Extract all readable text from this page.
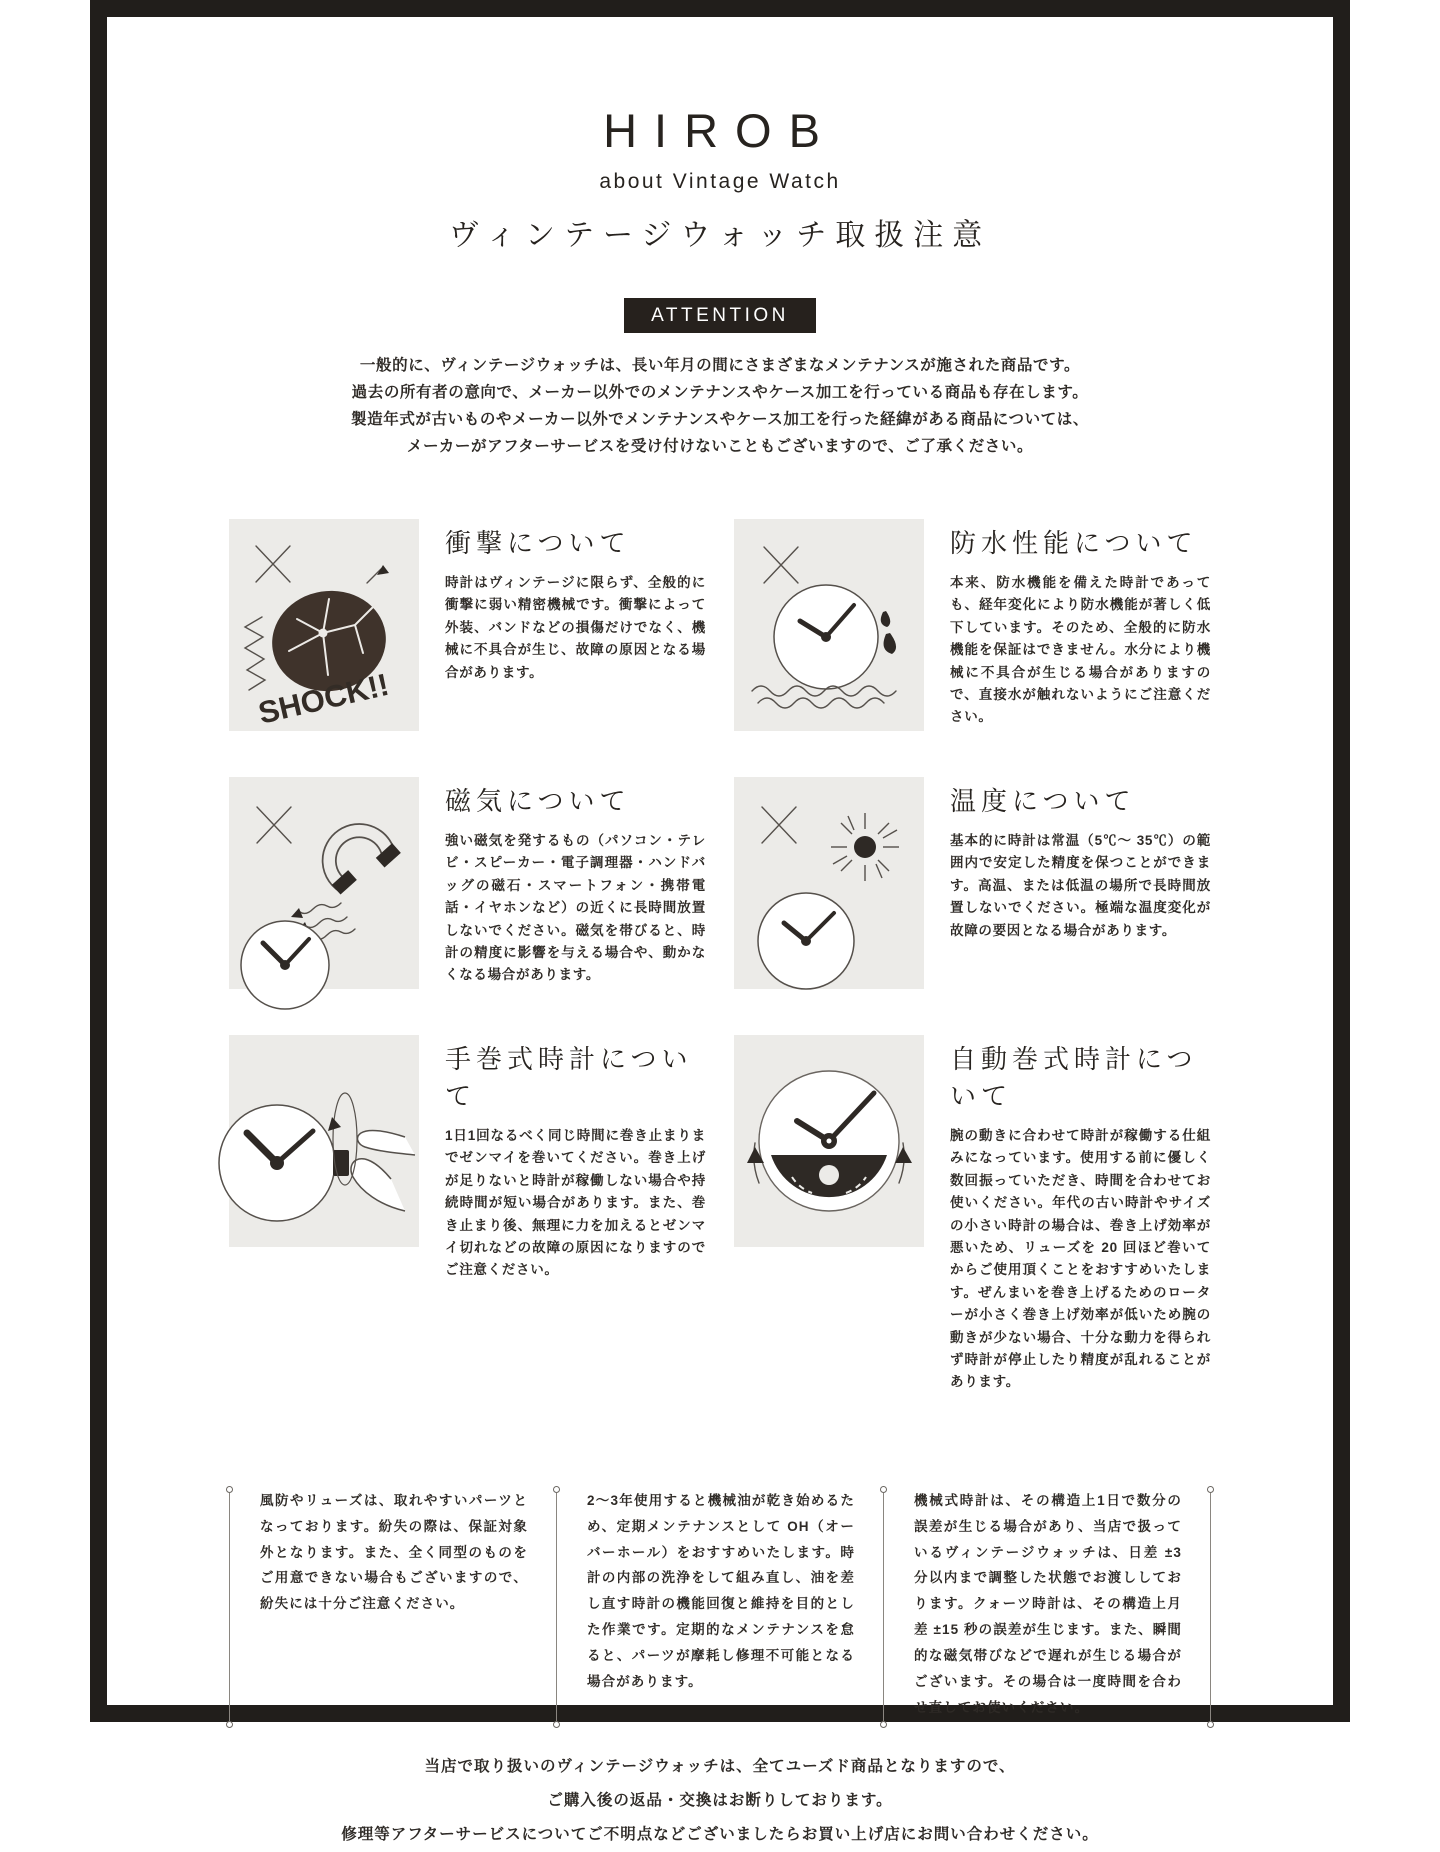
HIROB
about Vintage Watch
ヴィンテージウォッチ取扱注意
ATTENTION
一般的に、ヴィンテージウォッチは、長い年月の間にさまざまなメンテナンスが施された商品です。
過去の所有者の意向で、メーカー以外でのメンテナンスやケース加工を行っている商品も存在します。
製造年式が古いものやメーカー以外でメンテナンスやケース加工を行った経緯がある商品については、
メーカーがアフターサービスを受け付けないこともございますので、ご了承ください。
SHOCK!!
衝撃について
時計はヴィンテージに限らず、全般的に衝撃に弱い精密機械です。衝撃によって外装、バンドなどの損傷だけでなく、機械に不具合が生じ、故障の原因となる場合があります。
防水性能について
本来、防水機能を備えた時計であっても、経年変化により防水機能が著しく低下しています。そのため、全般的に防水機能を保証はできません。水分により機械に不具合が生じる場合がありますので、直接水が触れないようにご注意ください。
磁気について
強い磁気を発するもの（パソコン・テレビ・スピーカー・電子調理器・ハンドバッグの磁石・スマートフォン・携帯電話・イヤホンなど）の近くに長時間放置しないでください。磁気を帯びると、時計の精度に影響を与える場合や、動かなくなる場合があります。
温度について
基本的に時計は常温（5℃〜 35℃）の範囲内で安定した精度を保つことができます。高温、または低温の場所で長時間放置しないでください。極端な温度変化が故障の要因となる場合があります。
手巻式時計について
1日1回なるべく同じ時間に巻き止まりまでゼンマイを巻いてください。巻き上げが足りないと時計が稼働しない場合や持続時間が短い場合があります。また、巻き止まり後、無理に力を加えるとゼンマイ切れなどの故障の原因になりますのでご注意ください。
自動巻式時計について
腕の動きに合わせて時計が稼働する仕組みになっています。使用する前に優しく数回振っていただき、時間を合わせてお使いください。年代の古い時計やサイズの小さい時計の場合は、巻き上げ効率が悪いため、リューズを 20 回ほど巻いてからご使用頂くことをおすすめいたします。ぜんまいを巻き上げるためのローターが小さく巻き上げ効率が低いため腕の動きが少ない場合、十分な動力を得られず時計が停止したり精度が乱れることがあります。
風防やリューズは、取れやすいパーツとなっております。紛失の際は、保証対象外となります。また、全く同型のものをご用意できない場合もございますので、紛失には十分ご注意ください。
2〜3年使用すると機械油が乾き始めるため、定期メンテナンスとして OH（オーバーホール）をおすすめいたします。時計の内部の洗浄をして組み直し、油を差し直す時計の機能回復と維持を目的とした作業です。定期的なメンテナンスを怠ると、パーツが摩耗し修理不可能となる場合があります。
機械式時計は、その構造上1日で数分の誤差が生じる場合があり、当店で扱っているヴィンテージウォッチは、日差 ±3 分以内まで調整した状態でお渡ししております。クォーツ時計は、その構造上月差 ±15 秒の誤差が生じます。また、瞬間的な磁気帯びなどで遅れが生じる場合がございます。その場合は一度時間を合わせ直してお使いください。
当店で取り扱いのヴィンテージウォッチは、全てユーズド商品となりますので、
ご購入後の返品・交換はお断りしております。
修理等アフターサービスについてご不明点などございましたらお買い上げ店にお問い合わせください。
